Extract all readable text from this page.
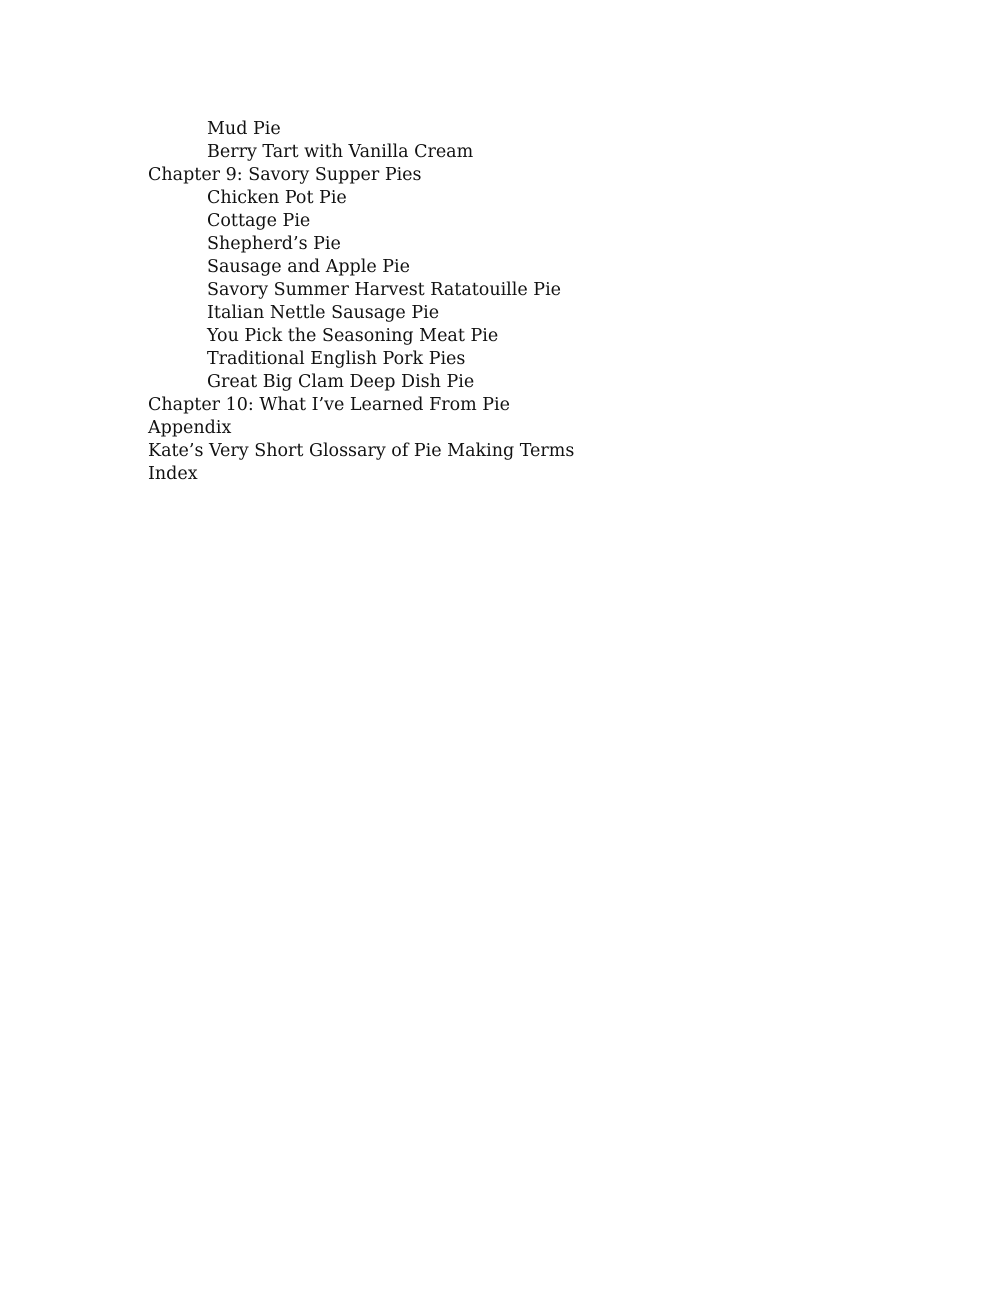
Mud Pie
Berry Tart with Vanilla Cream
Chapter 9: Savory Supper Pies
Chicken Pot Pie
Cottage Pie
Shepherd’s Pie
Sausage and Apple Pie
Savory Summer Harvest Ratatouille Pie
Italian Nettle Sausage Pie
You Pick the Seasoning Meat Pie
Traditional English Pork Pies
Great Big Clam Deep Dish Pie
Chapter 10: What I’ve Learned From Pie
Appendix
Kate’s Very Short Glossary of Pie Making Terms
Index
